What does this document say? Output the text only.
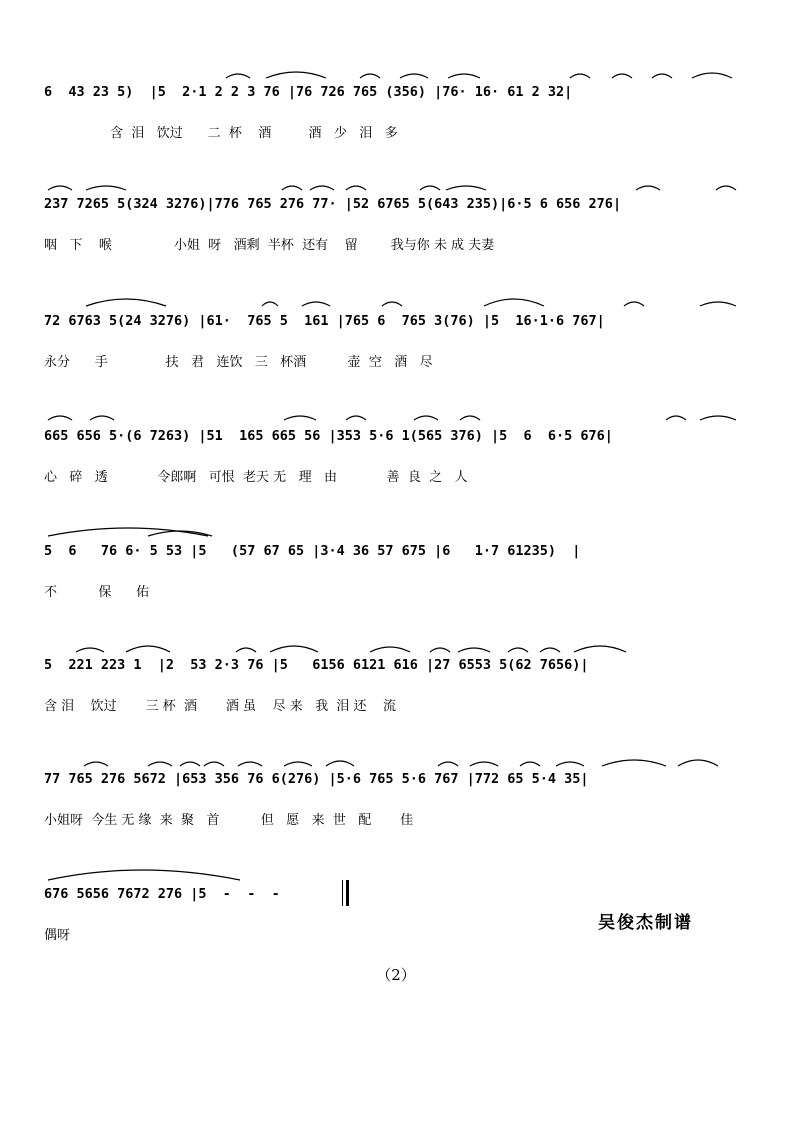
6  43 23 5)  |5  2·1 2 2 3 76 |76 726 765 (356) |76· 16· 61 2 32|
含  泪   饮过      二  杯    酒         酒   少   泪   多
237 7265 5(324 3276)|776 765 276 77· |52 6765 5(643 235)|6·5 6 656 276|
咽   下    喉               小姐  呀   酒剩  半杯  还有    留        我与你 未 成 夫妻
72 6763 5(24 3276) |61·  765 5  161 |765 6  765 3(76) |5  16·1·6 767|
永分      手              扶   君   连饮   三   杯酒          壶  空   酒   尽
665 656 5·(6 7263) |51  165 665 56 |353 5·6 1(565 376) |5  6  6·5 676|
心   碎   透            令郎啊   可恨  老天 无   理   由            善  良  之   人
5  6   76 6· 5 53 |5   (57 67 65 |3·4 36 57 675 |6   1·7 61235)  |
不          保      佑
5  221 223 1  |2  53 2·3 76 |5   6156 6121 616 |27 6553 5(62 7656)|
含 泪    饮过       三 杯  酒       酒 虽    尽 来   我  泪 还    流
77 765 276 5672 |653 356 76 6(276) |5·6 765 5·6 767 |772 65 5·4 35|
小姐呀  今生 无 缘  来  聚   首          但   愿   来  世   配       佳
676 5656 7672 276 |5  -  -  -
偶呀
吴俊杰制谱
（2）
